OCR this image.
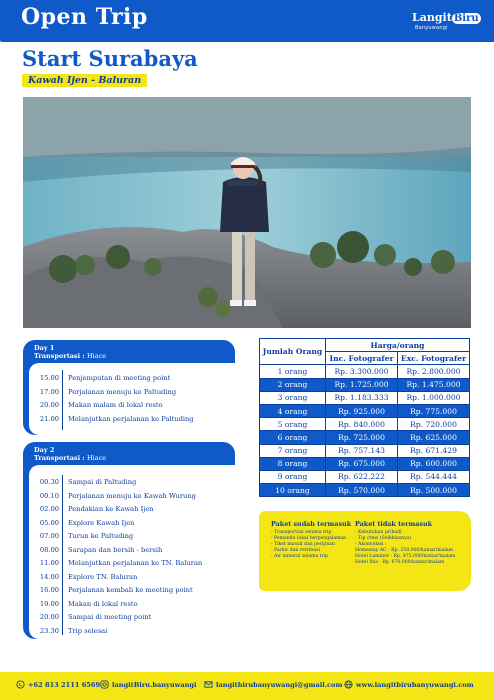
Open Trip	Langit Biru
Banyuwangi
Start Surabaya
Kawah Ijen - Baluran
Day 1
Transportasi : Hiace
15.00 Penjemputan di meeting point
17.00 Perjalanan menuju ke Paltuding
20.00 Makan malam di lokal resto
21.00 Melanjutkan perjalanan ke Paltuding
Day 2
Transportasi : Hiace
00.30 Sampai di Paltuding
00.10 Perjalanan menuju ke Kawah Wurung
02.00 Pendakian ke Kawah Ijen
05.00 Explore Kawah Ijen
07.00 Turun ke Paltuding
08.00 Sarapan dan bersih - bersih
11.00 Melanjutkan perjalanan ke TN. Baluran
14.00 Explore TN. Baluran
16.00 Perjalanan kembali ke meeting point
19.00 Makan di lokal resto
20.00 Sampai di meeting point
23.30 Trip selesai
Jumlah Orang	Harga/orang	
	Inc. Fotografer	Exc. Fotografer
1 orang	Rp. 3.300.000	Rp. 2.800.000
2 orang	Rp. 1.725.000	Rp. 1.475.000
3 orang	Rp. 1.183.333	Rp. 1.000.000
4 orang	Rp. 925.000	Rp. 775.000
5 orang	Rp. 840.000	Rp. 720.000
6 orang	Rp. 725.000	Rp. 625.000
7 orang	Rp. 757.143	Rp. 671.429
8 orang	Rp. 675.000	Rp. 600.000
9 orang	Rp. 622.222	Rp. 544.444
10 orang	Rp. 570.000	Rp. 500.000
Paket sudah termasuk
- Transportasi selama trip
- Pemandu lokal berpengalaman
- Tiket masuk dan perijinan
- Parkir dan retribusi
- Air mineral selama trip
Paket tidak termasuk
- Kebutuhan pribadi
- Tip crew (Seikhlasnya)
- Akomodasi :
Homestay AC - Rp. 250.000/kamar/malam
Hotel Luminor - Rp. 475.000/kamar/malam
Hotel Ibis - Rp. 670.000/kamar/malam
+62 813 2111 6569 langitBiru.banyuwangi	langitbirubanyuwangi@gmail.com www.langitbirubanyuwangi.com
